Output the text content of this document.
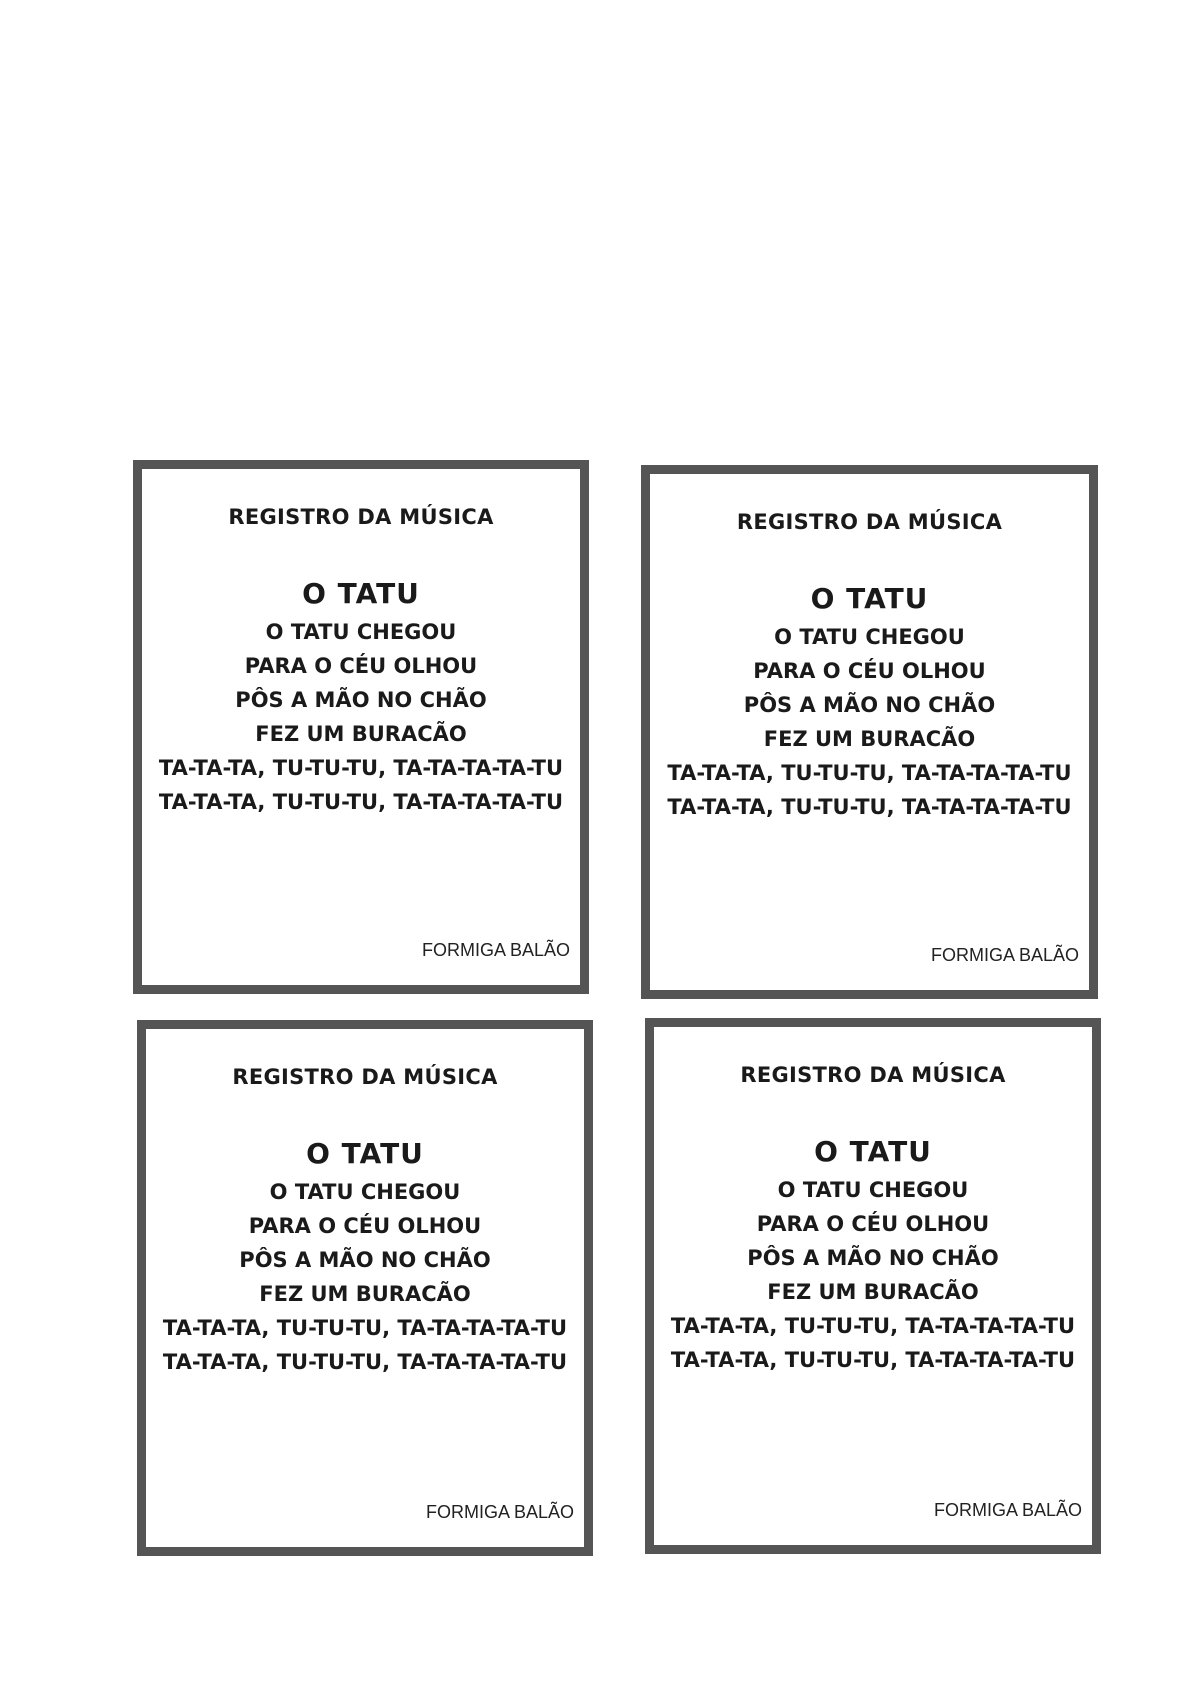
REGISTRO DA MÚSICA
O TATU
O TATU CHEGOU
PARA O CÉU OLHOU
PÔS A MÃO NO CHÃO
FEZ UM BURACÃO
TA-TA-TA, TU-TU-TU, TA-TA-TA-TA-TU
TA-TA-TA, TU-TU-TU, TA-TA-TA-TA-TU
FORMIGA BALÃO
REGISTRO DA MÚSICA
O TATU
O TATU CHEGOU
PARA O CÉU OLHOU
PÔS A MÃO NO CHÃO
FEZ UM BURACÃO
TA-TA-TA, TU-TU-TU, TA-TA-TA-TA-TU
TA-TA-TA, TU-TU-TU, TA-TA-TA-TA-TU
FORMIGA BALÃO
REGISTRO DA MÚSICA
O TATU
O TATU CHEGOU
PARA O CÉU OLHOU
PÔS A MÃO NO CHÃO
FEZ UM BURACÃO
TA-TA-TA, TU-TU-TU, TA-TA-TA-TA-TU
TA-TA-TA, TU-TU-TU, TA-TA-TA-TA-TU
FORMIGA BALÃO
REGISTRO DA MÚSICA
O TATU
O TATU CHEGOU
PARA O CÉU OLHOU
PÔS A MÃO NO CHÃO
FEZ UM BURACÃO
TA-TA-TA, TU-TU-TU, TA-TA-TA-TA-TU
TA-TA-TA, TU-TU-TU, TA-TA-TA-TA-TU
FORMIGA BALÃO
